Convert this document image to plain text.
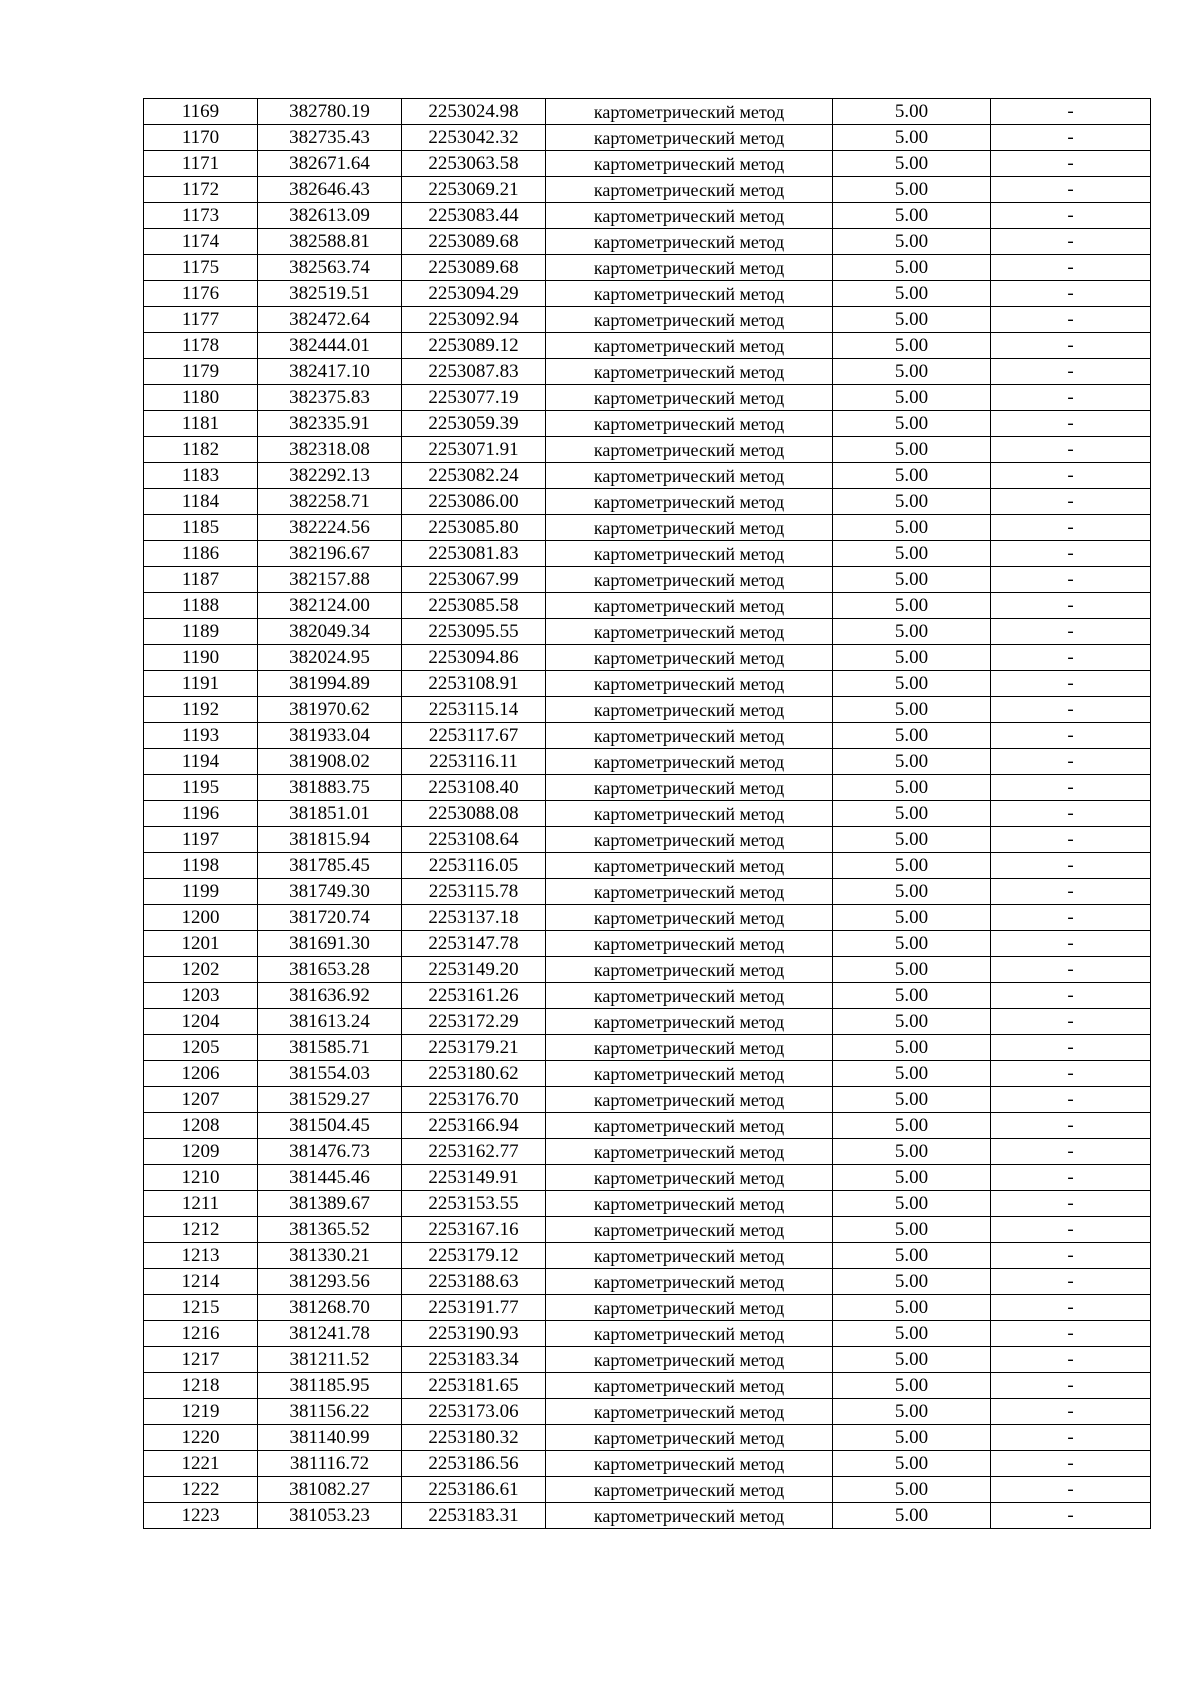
1169	382780.19	2253024.98	картометрический метод	5.00	-
1170	382735.43	2253042.32	картометрический метод	5.00	-
1171	382671.64	2253063.58	картометрический метод	5.00	-
1172	382646.43	2253069.21	картометрический метод	5.00	-
1173	382613.09	2253083.44	картометрический метод	5.00	-
1174	382588.81	2253089.68	картометрический метод	5.00	-
1175	382563.74	2253089.68	картометрический метод	5.00	-
1176	382519.51	2253094.29	картометрический метод	5.00	-
1177	382472.64	2253092.94	картометрический метод	5.00	-
1178	382444.01	2253089.12	картометрический метод	5.00	-
1179	382417.10	2253087.83	картометрический метод	5.00	-
1180	382375.83	2253077.19	картометрический метод	5.00	-
1181	382335.91	2253059.39	картометрический метод	5.00	-
1182	382318.08	2253071.91	картометрический метод	5.00	-
1183	382292.13	2253082.24	картометрический метод	5.00	-
1184	382258.71	2253086.00	картометрический метод	5.00	-
1185	382224.56	2253085.80	картометрический метод	5.00	-
1186	382196.67	2253081.83	картометрический метод	5.00	-
1187	382157.88	2253067.99	картометрический метод	5.00	-
1188	382124.00	2253085.58	картометрический метод	5.00	-
1189	382049.34	2253095.55	картометрический метод	5.00	-
1190	382024.95	2253094.86	картометрический метод	5.00	-
1191	381994.89	2253108.91	картометрический метод	5.00	-
1192	381970.62	2253115.14	картометрический метод	5.00	-
1193	381933.04	2253117.67	картометрический метод	5.00	-
1194	381908.02	2253116.11	картометрический метод	5.00	-
1195	381883.75	2253108.40	картометрический метод	5.00	-
1196	381851.01	2253088.08	картометрический метод	5.00	-
1197	381815.94	2253108.64	картометрический метод	5.00	-
1198	381785.45	2253116.05	картометрический метод	5.00	-
1199	381749.30	2253115.78	картометрический метод	5.00	-
1200	381720.74	2253137.18	картометрический метод	5.00	-
1201	381691.30	2253147.78	картометрический метод	5.00	-
1202	381653.28	2253149.20	картометрический метод	5.00	-
1203	381636.92	2253161.26	картометрический метод	5.00	-
1204	381613.24	2253172.29	картометрический метод	5.00	-
1205	381585.71	2253179.21	картометрический метод	5.00	-
1206	381554.03	2253180.62	картометрический метод	5.00	-
1207	381529.27	2253176.70	картометрический метод	5.00	-
1208	381504.45	2253166.94	картометрический метод	5.00	-
1209	381476.73	2253162.77	картометрический метод	5.00	-
1210	381445.46	2253149.91	картометрический метод	5.00	-
1211	381389.67	2253153.55	картометрический метод	5.00	-
1212	381365.52	2253167.16	картометрический метод	5.00	-
1213	381330.21	2253179.12	картометрический метод	5.00	-
1214	381293.56	2253188.63	картометрический метод	5.00	-
1215	381268.70	2253191.77	картометрический метод	5.00	-
1216	381241.78	2253190.93	картометрический метод	5.00	-
1217	381211.52	2253183.34	картометрический метод	5.00	-
1218	381185.95	2253181.65	картометрический метод	5.00	-
1219	381156.22	2253173.06	картометрический метод	5.00	-
1220	381140.99	2253180.32	картометрический метод	5.00	-
1221	381116.72	2253186.56	картометрический метод	5.00	-
1222	381082.27	2253186.61	картометрический метод	5.00	-
1223	381053.23	2253183.31	картометрический метод	5.00	-
